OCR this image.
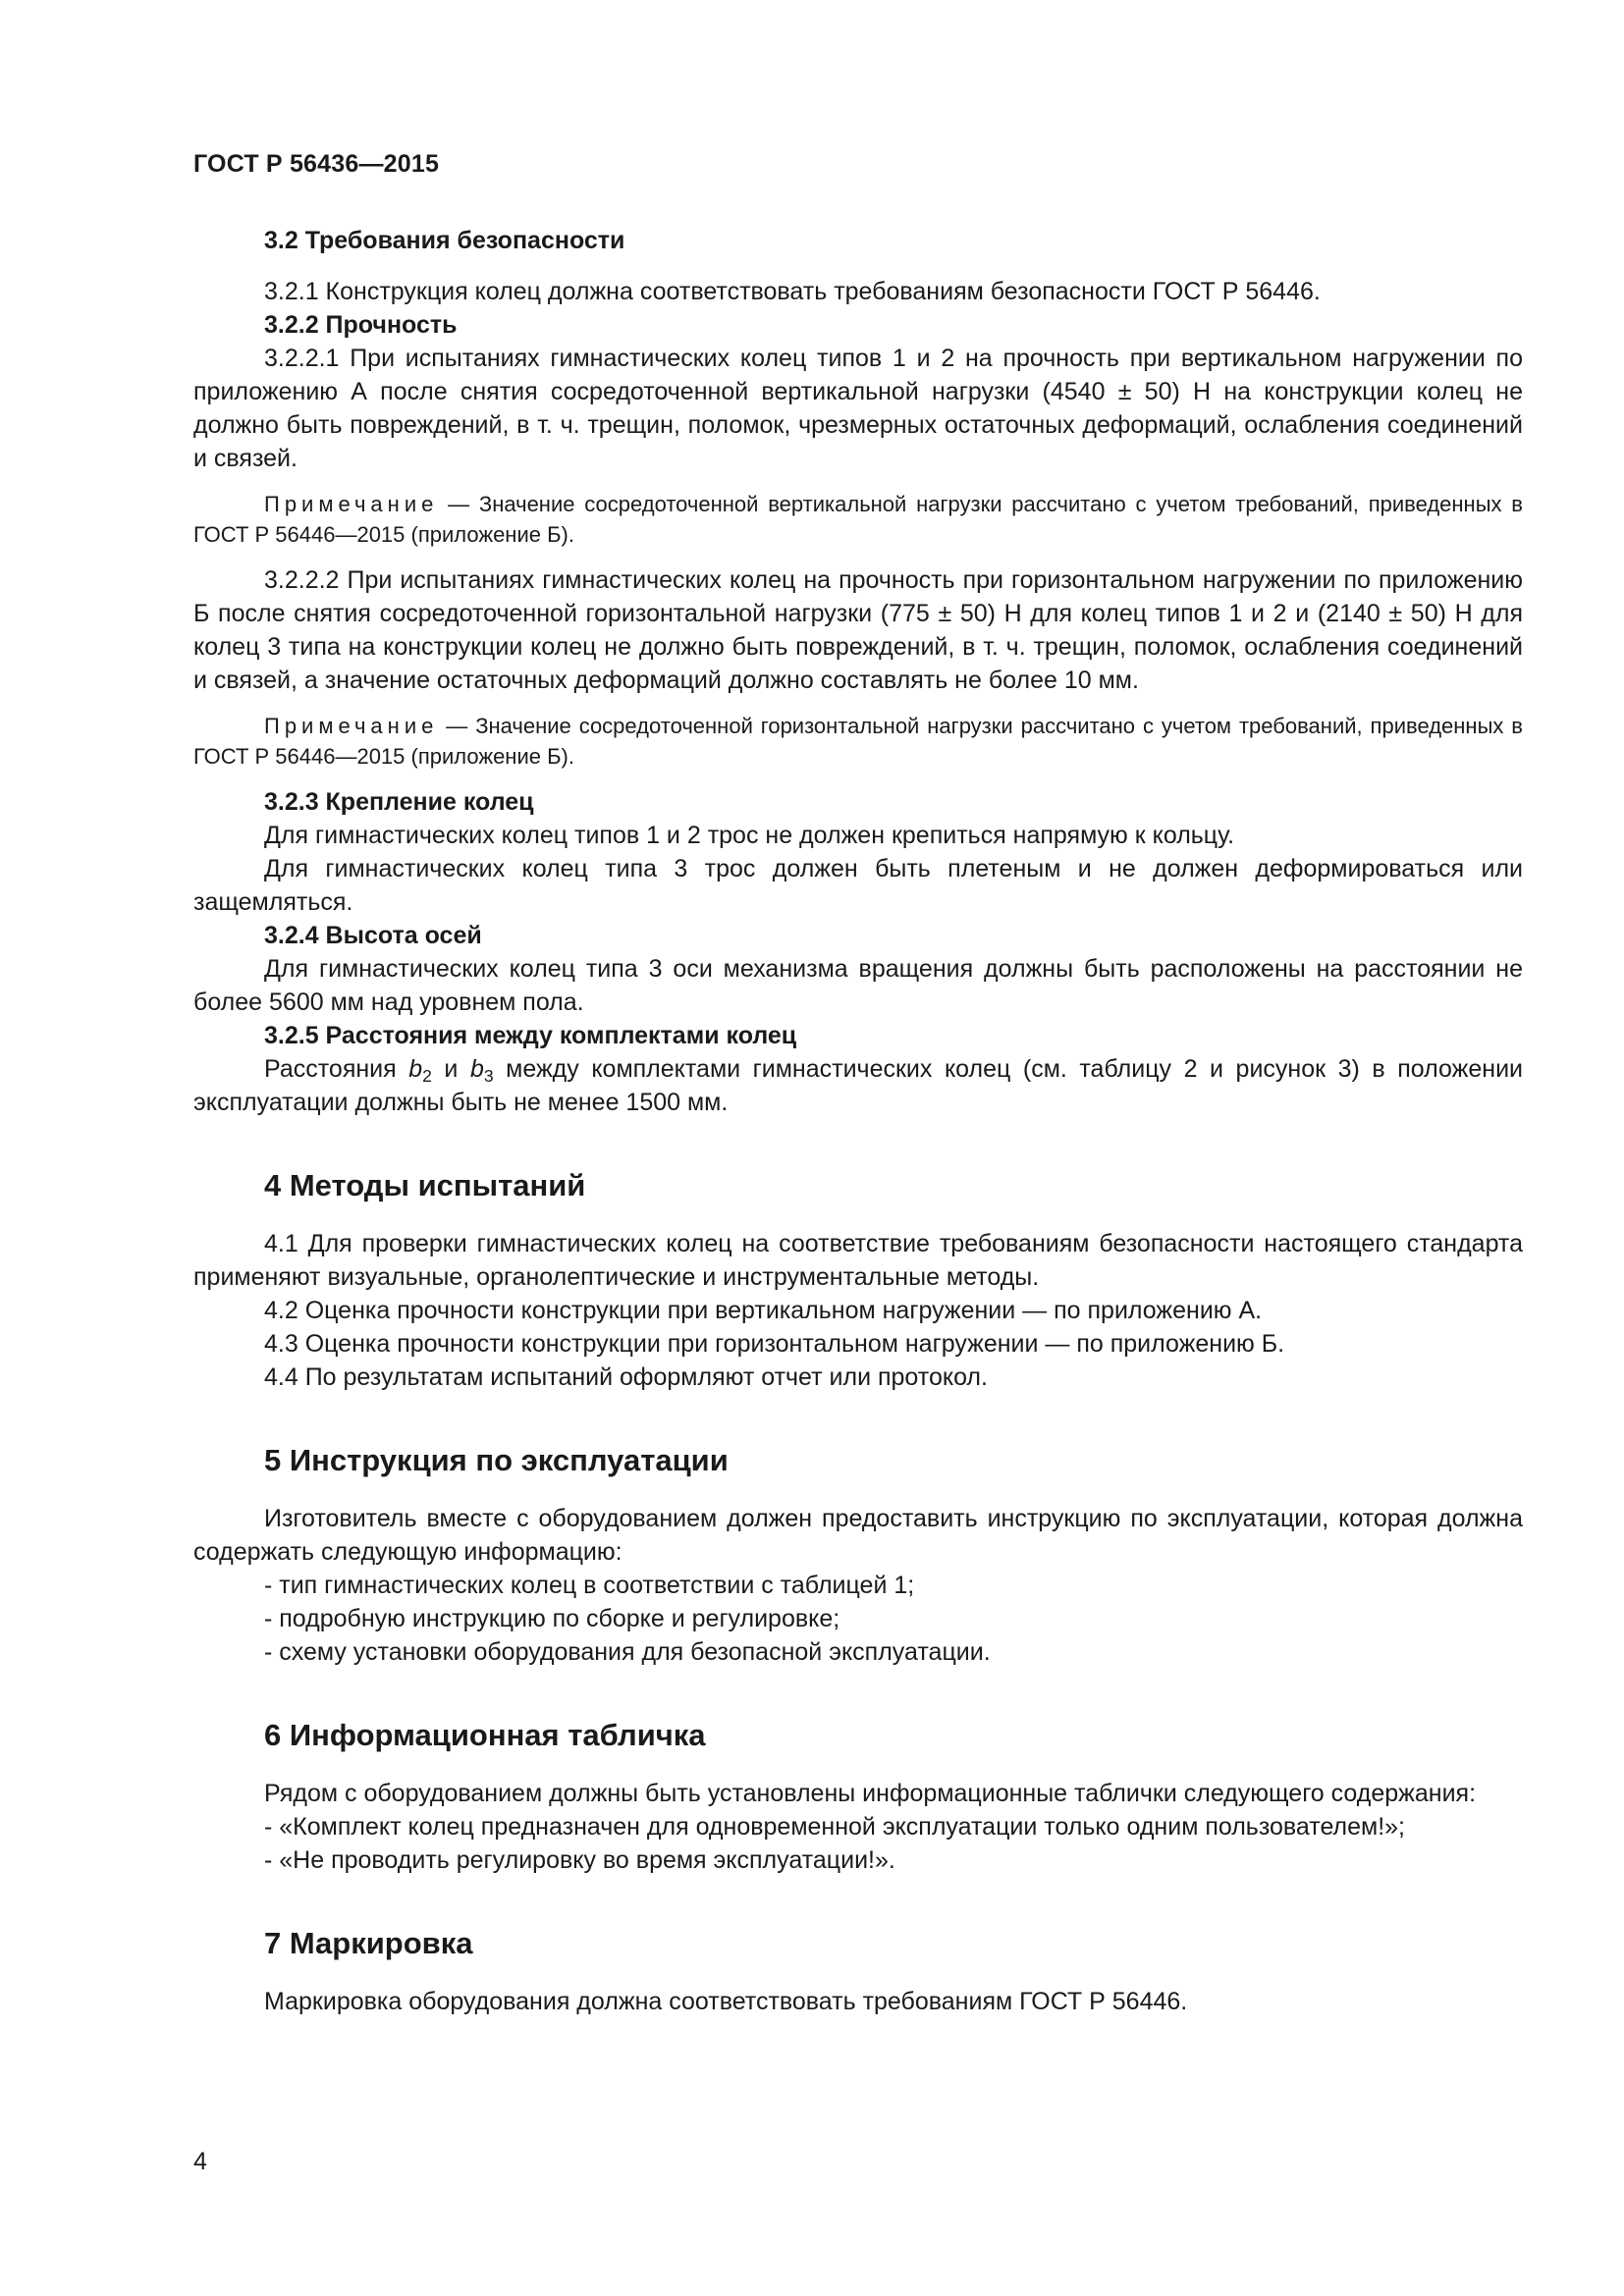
ГОСТ Р 56436—2015

3.2 Требования безопасности

3.2.1 Конструкция колец должна соответствовать требованиям безопасности ГОСТ Р 56446.

3.2.2 Прочность

3.2.2.1 При испытаниях гимнастических колец типов 1 и 2 на прочность при вертикальном нагружении по приложению А после снятия сосредоточенной вертикальной нагрузки (4540 ± 50) Н на конструкции колец не должно быть повреждений, в т. ч. трещин, поломок, чрезмерных остаточных деформаций, ослабления соединений и связей.

Примечание — Значение сосредоточенной вертикальной нагрузки рассчитано с учетом требований, приведенных в ГОСТ Р 56446—2015 (приложение Б).

3.2.2.2 При испытаниях гимнастических колец на прочность при горизонтальном нагружении по приложению Б после снятия сосредоточенной горизонтальной нагрузки (775 ± 50) Н для колец типов 1 и 2 и (2140 ± 50) Н для колец 3 типа на конструкции колец не должно быть повреждений, в т. ч. трещин, поломок, ослабления соединений и связей, а значение остаточных деформаций должно составлять не более 10 мм.

Примечание — Значение сосредоточенной горизонтальной нагрузки рассчитано с учетом требований, приведенных в ГОСТ Р 56446—2015 (приложение Б).

3.2.3 Крепление колец

Для гимнастических колец типов 1 и 2 трос не должен крепиться напрямую к кольцу.

Для гимнастических колец типа 3 трос должен быть плетеным и не должен деформироваться или защемляться.

3.2.4 Высота осей

Для гимнастических колец типа 3 оси механизма вращения должны быть расположены на расстоянии не более 5600 мм над уровнем пола.

3.2.5 Расстояния между комплектами колец

Расстояния $b_2$ и $b_3$ между комплектами гимнастических колец (см. таблицу 2 и рисунок 3) в положении эксплуатации должны быть не менее 1500 мм.

4 Методы испытаний

4.1 Для проверки гимнастических колец на соответствие требованиям безопасности настоящего стандарта применяют визуальные, органолептические и инструментальные методы.

4.2 Оценка прочности конструкции при вертикальном нагружении — по приложению А.

4.3 Оценка прочности конструкции при горизонтальном нагружении — по приложению Б.

4.4 По результатам испытаний оформляют отчет или протокол.

5 Инструкция по эксплуатации

Изготовитель вместе с оборудованием должен предоставить инструкцию по эксплуатации, которая должна содержать следующую информацию:

- тип гимнастических колец в соответствии с таблицей 1;

- подробную инструкцию по сборке и регулировке;

- схему установки оборудования для безопасной эксплуатации.

6 Информационная табличка

Рядом с оборудованием должны быть установлены информационные таблички следующего содержания:

- «Комплект колец предназначен для одновременной эксплуатации только одним пользователем!»;

- «Не проводить регулировку во время эксплуатации!».

7 Маркировка

Маркировка оборудования должна соответствовать требованиям ГОСТ Р 56446.

4
